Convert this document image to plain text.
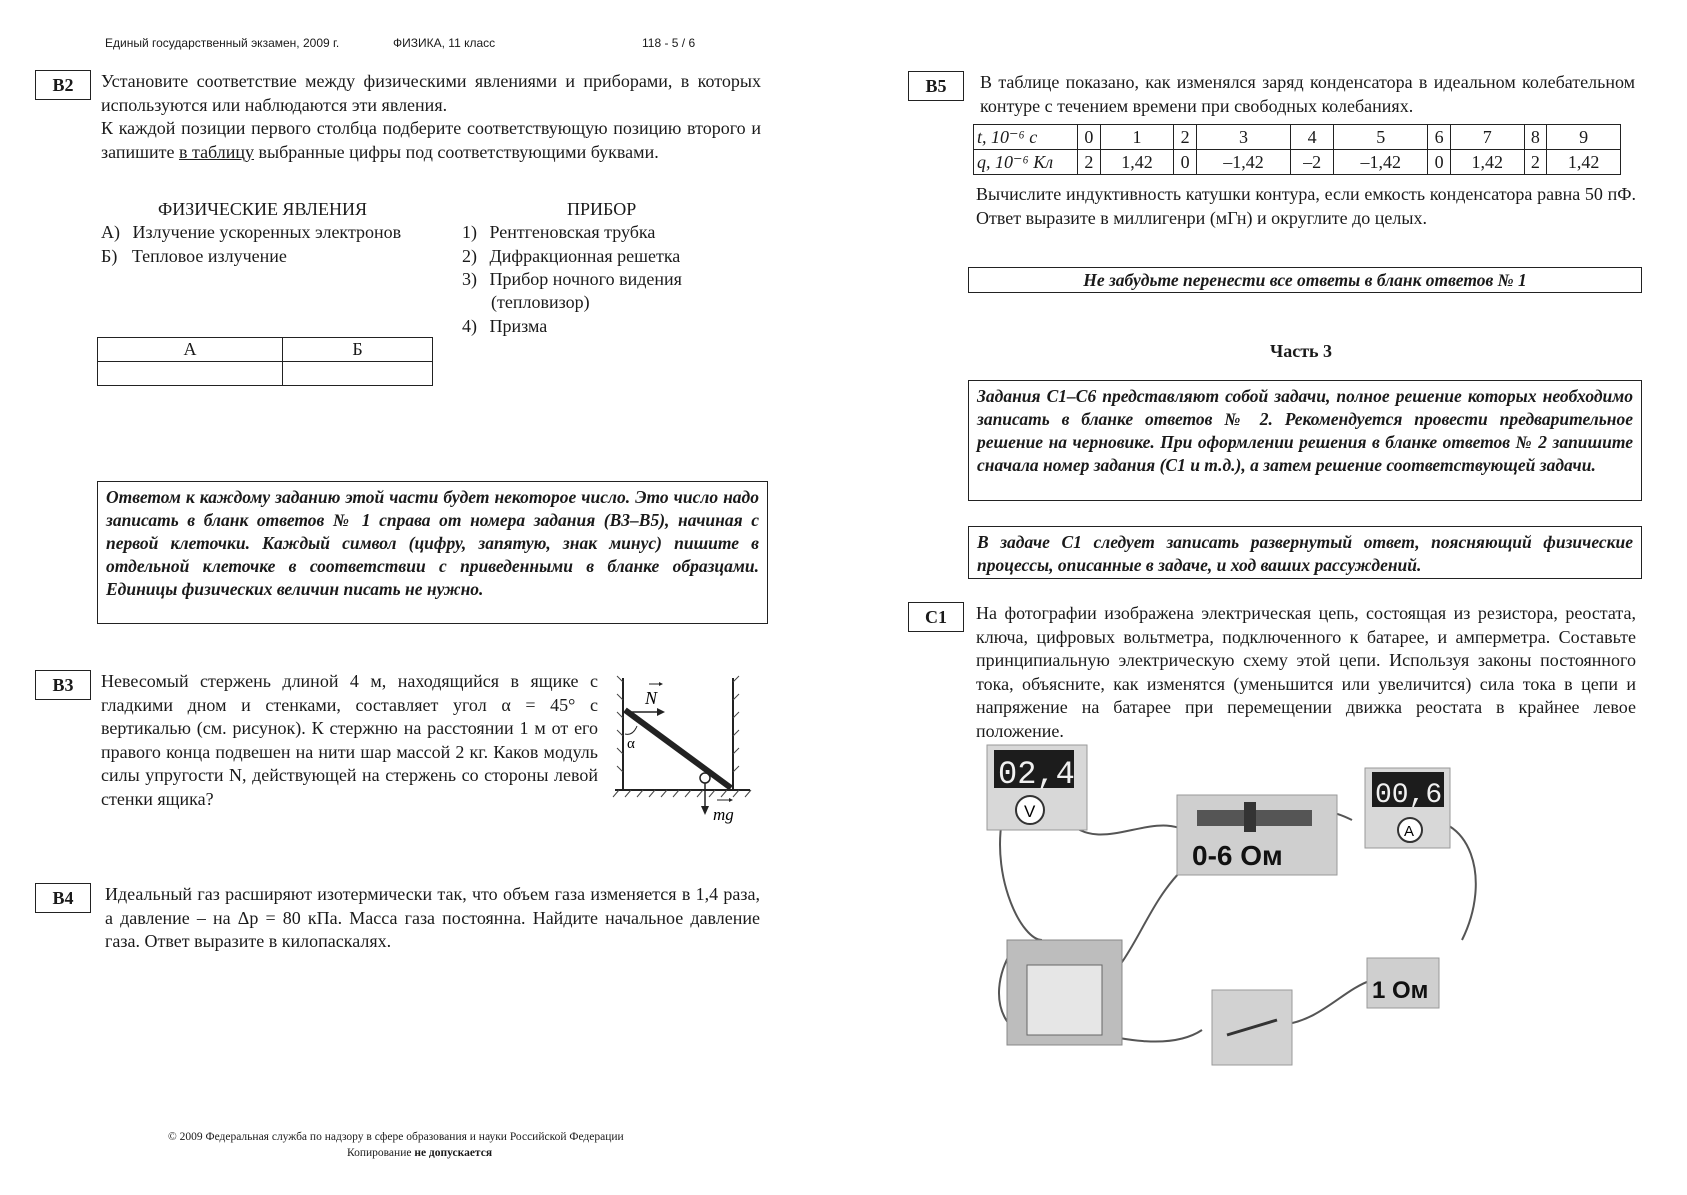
Единый государственный экзамен, 2009 г.	ФИЗИКА, 11 класс	118 - 5 / 6
B2	Установите соответствие между физическими явлениями и приборами, в которых используются или наблюдаются эти явления.
К каждой позиции первого столбца подберите соответствующую позицию второго и запишите в таблицу выбранные цифры под соответствующими буквами.
ФИЗИЧЕСКИЕ ЯВЛЕНИЯ	ПРИБОР
А) Излучение ускоренных электронов
Б) Тепловое излучение
1) Рентгеновская трубка
2) Дифракционная решетка
3) Прибор ночного видения
(тепловизор)
4) Призма
А	Б

Ответом к каждому заданию этой части будет некоторое число. Это число надо записать в бланк ответов № 1 справа от номера задания (В3–В5), начиная с первой клеточки. Каждый символ (цифру, запятую, знак минус) пишите в отдельной клеточке в соответствии с приведенными в бланке образцами. Единицы физических величин писать не нужно.
B3	Невесомый стержень длиной 4 м, находящийся в ящике с гладкими дном и стенками, составляет угол α = 45° с вертикалью (см. рисунок). К стержню на расстоянии 1 м от его правого конца подвешен на нити шар массой 2 кг. Каков модуль силы упругости N, действующей на стержень со стороны левой стенки ящика?
N
α
mg
B4	Идеальный газ расширяют изотермически так, что объем газа изменяется в 1,4 раза, а давление – на Δp = 80 кПа. Масса газа постоянна. Найдите начальное давление газа. Ответ выразите в килопаскалях.
© 2009 Федеральная служба по надзору в сфере образования и науки Российской Федерации
Копирование не допускается
B5	В таблице показано, как изменялся заряд конденсатора в идеальном колебательном контуре с течением времени при свободных колебаниях.
t, 10⁻⁶ с	0	1	2	3	4	5	6	7	8	9
q, 10⁻⁶ Кл	2	1,42	0	–1,42	–2	–1,42	0	1,42	2	1,42
Вычислите индуктивность катушки контура, если емкость конденсатора равна 50 пФ. Ответ выразите в миллигенри (мГн) и округлите до целых.
Не забудьте перенести все ответы в бланк ответов № 1
Часть 3
Задания С1–С6 представляют собой задачи, полное решение которых необходимо записать в бланке ответов № 2. Рекомендуется провести предварительное решение на черновике. При оформлении решения в бланке ответов № 2 запишите сначала номер задания (С1 и т.д.), а затем решение соответствующей задачи.
В задаче С1 следует записать развернутый ответ, поясняющий физические процессы, описанные в задаче, и ход ваших рассуждений.
C1	На фотографии изображена электрическая цепь, состоящая из резистора, реостата, ключа, цифровых вольтметра, подключенного к батарее, и амперметра. Составьте принципиальную электрическую схему этой цепи. Используя законы постоянного тока, объясните, как изменятся (уменьшится или увеличится) сила тока в цепи и напряжение на батарее при перемещении движка реостата в крайнее левое положение.
02,4
V
0-6 Ом
00,6
A
1 Ом
